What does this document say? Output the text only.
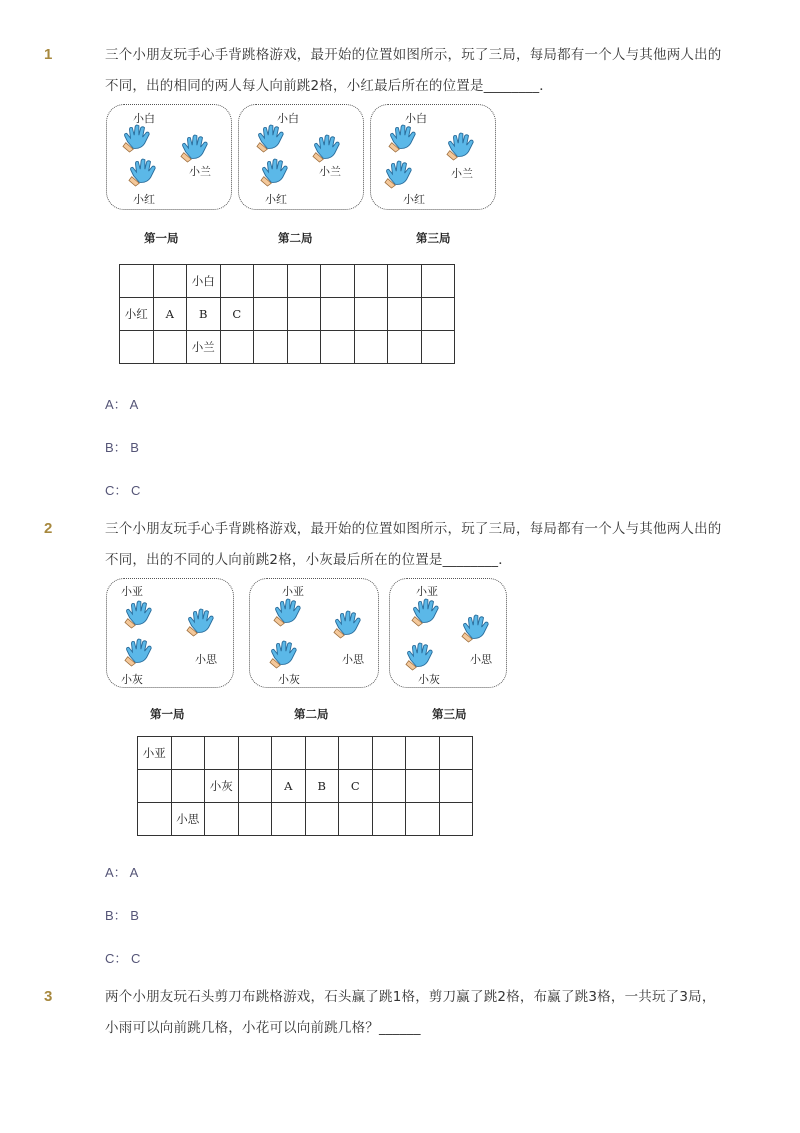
1	三个小朋友玩手心手背跳格游戏，最开始的位置如图所示，玩了三局，每局都有一个人与其他两人出的不同，出的相同的两人每人向前跳2格，小红最后所在的位置是________．
小白
小兰
小红
小白
小兰
小红
小白
小兰
小红
第一局	第二局	第三局
		小白							
小红	A	B	C						
		小兰							
A： A
B： B
C： C
2	三个小朋友玩手心手背跳格游戏，最开始的位置如图所示，玩了三局，每局都有一个人与其他两人出的不同，出的不同的人向前跳2格，小灰最后所在的位置是________．
小亚
小思
小灰
小亚
小思
小灰
小亚
小思
小灰
第一局	第二局	第三局
小亚									
		小灰		A	B	C			
	小思								
A： A
B： B
C： C
3	两个小朋友玩石头剪刀布跳格游戏，石头赢了跳1格，剪刀赢了跳2格，布赢了跳3格，一共玩了3局，小雨可以向前跳几格，小花可以向前跳几格？______
